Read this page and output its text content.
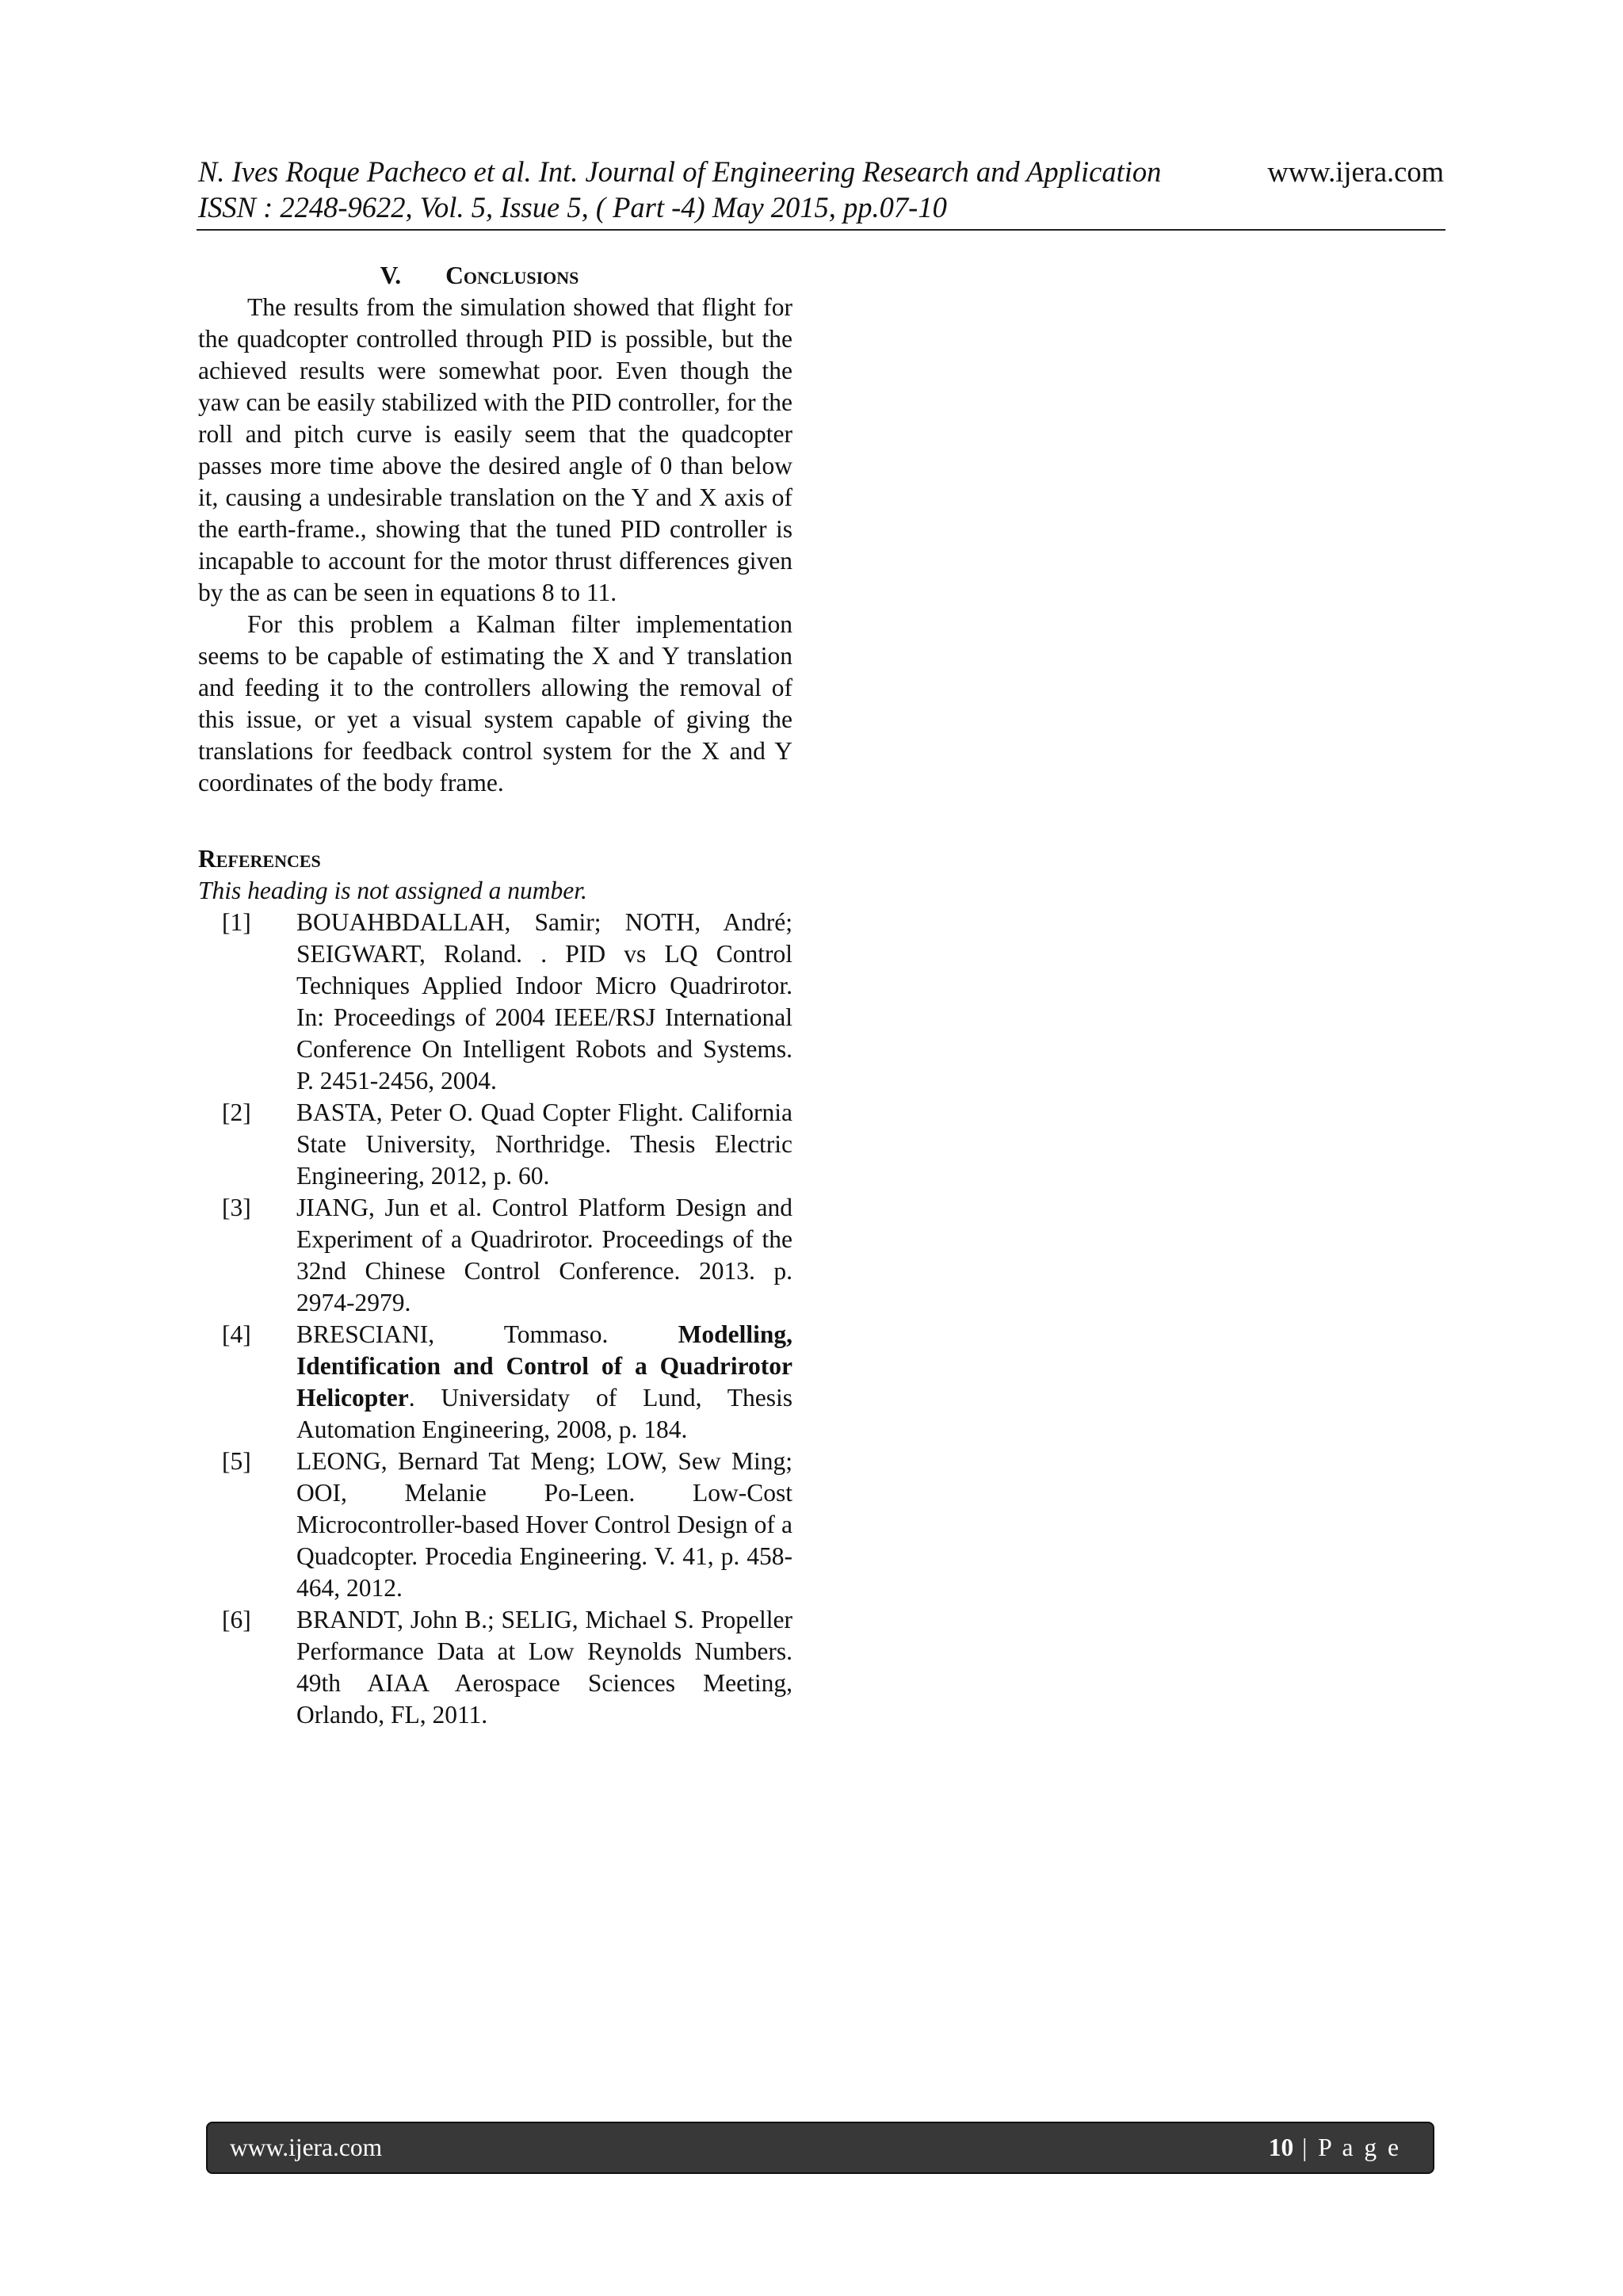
N. Ives Roque Pacheco et al. Int. Journal of Engineering Research and Application	www.ijera.com
ISSN : 2248-9622, Vol. 5, Issue 5, ( Part -4) May 2015, pp.07-10
V. Conclusions

The results from the simulation showed that flight for the quadcopter controlled through PID is possible, but the achieved results were somewhat poor. Even though the yaw can be easily stabilized with the PID controller, for the roll and pitch curve is easily seem that the quadcopter passes more time above the desired angle of 0 than below it, causing a undesirable translation on the Y and X axis of the earth-frame., showing that the tuned PID controller is incapable to account for the motor thrust differences given by the as can be seen in equations 8 to 11.

For this problem a Kalman filter implementation seems to be capable of estimating the X and Y translation and feeding it to the controllers allowing the removal of this issue, or yet a visual system capable of giving the translations for feedback control system for the X and Y coordinates of the body frame.

References

This heading is not assigned a number.

[1]	BOUAHBDALLAH, Samir; NOTH, André; SEIGWART, Roland. . PID vs LQ Control Techniques Applied Indoor Micro Quadrirotor. In: Proceedings of 2004 IEEE/RSJ International Conference On Intelligent Robots and Systems. P. 2451-2456, 2004.
[2]	BASTA, Peter O. Quad Copter Flight. California State University, Northridge. Thesis Electric Engineering, 2012, p. 60.
[3]	JIANG, Jun et al. Control Platform Design and Experiment of a Quadrirotor. Proceedings of the 32nd Chinese Control Conference. 2013. p. 2974-2979.
[4]	BRESCIANI, Tommaso. Modelling, Identification and Control of a Quadrirotor Helicopter. Universidaty of Lund, Thesis Automation Engineering, 2008, p. 184.
[5]	LEONG, Bernard Tat Meng; LOW, Sew Ming; OOI, Melanie Po-Leen. Low-Cost Microcontroller-based Hover Control Design of a Quadcopter. Procedia Engineering. V. 41, p. 458-464, 2012.
[6]	BRANDT, John B.; SELIG, Michael S. Propeller Performance Data at Low Reynolds Numbers. 49th AIAA Aerospace Sciences Meeting, Orlando, FL, 2011.
www.ijera.com	10 | P a g e
